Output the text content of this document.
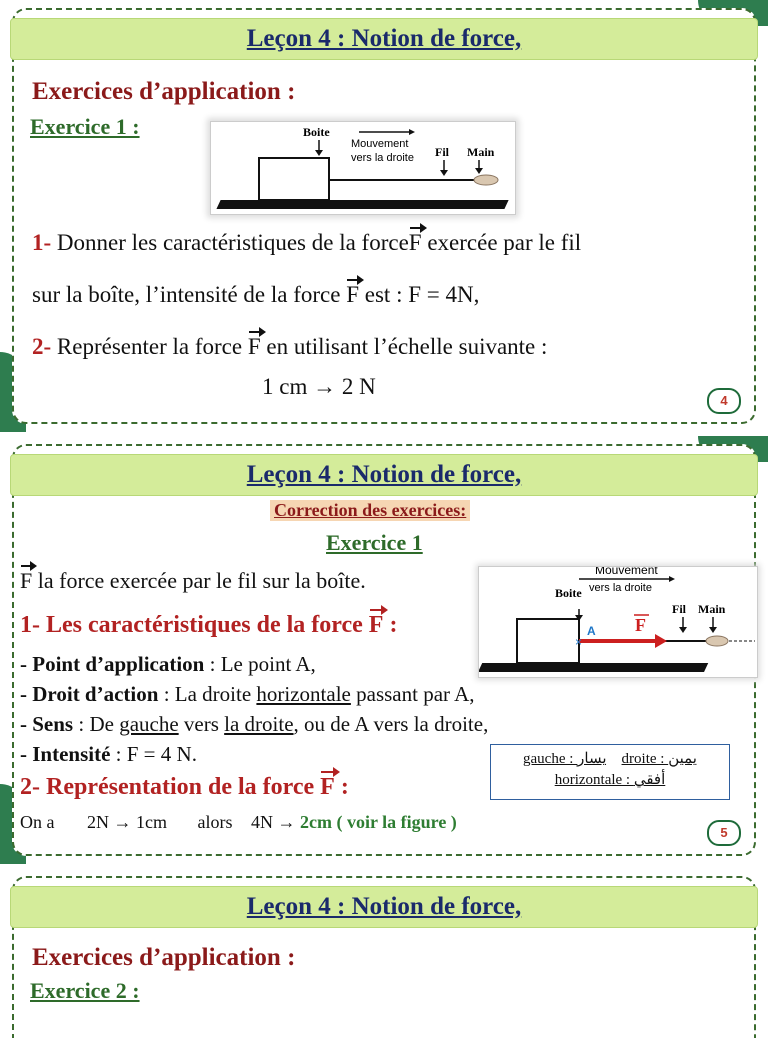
Leçon 4 : Notion de force,
Exercices d’application :
Exercice 1 :	Boite
Mouvement
vers la droite Fil Main
1- Donner les caractéristiques de la forceF exercée par le fil
sur la boîte, l’intensité de la force F est : F = 4N,
2- Représenter la force F en utilisant l’échelle suivante :
1 cm → 2 N
4
Leçon 4 : Notion de force,
Correction des exercices:
Exercice 1
F la force exercée par le fil sur la boîte.
×
Mouvement
vers la droite
Boite
Fil Main
A F
1- Les caractéristiques de la force F :
- Point d’application : Le point A,
- Droit d’action : La droite horizontale passant par A,
- Sens : De gauche vers la droite, ou de A vers la droite,
- Intensité : F = 4 N.	gauche : يسار droite : يمين
horizontale : أفقي
2- Représentation de la force F :
On a 2N → 1cm alors 4N → 2cm ( voir la figure )
5
Leçon 4 : Notion de force,
Exercices d’application :
Exercice 2 :
